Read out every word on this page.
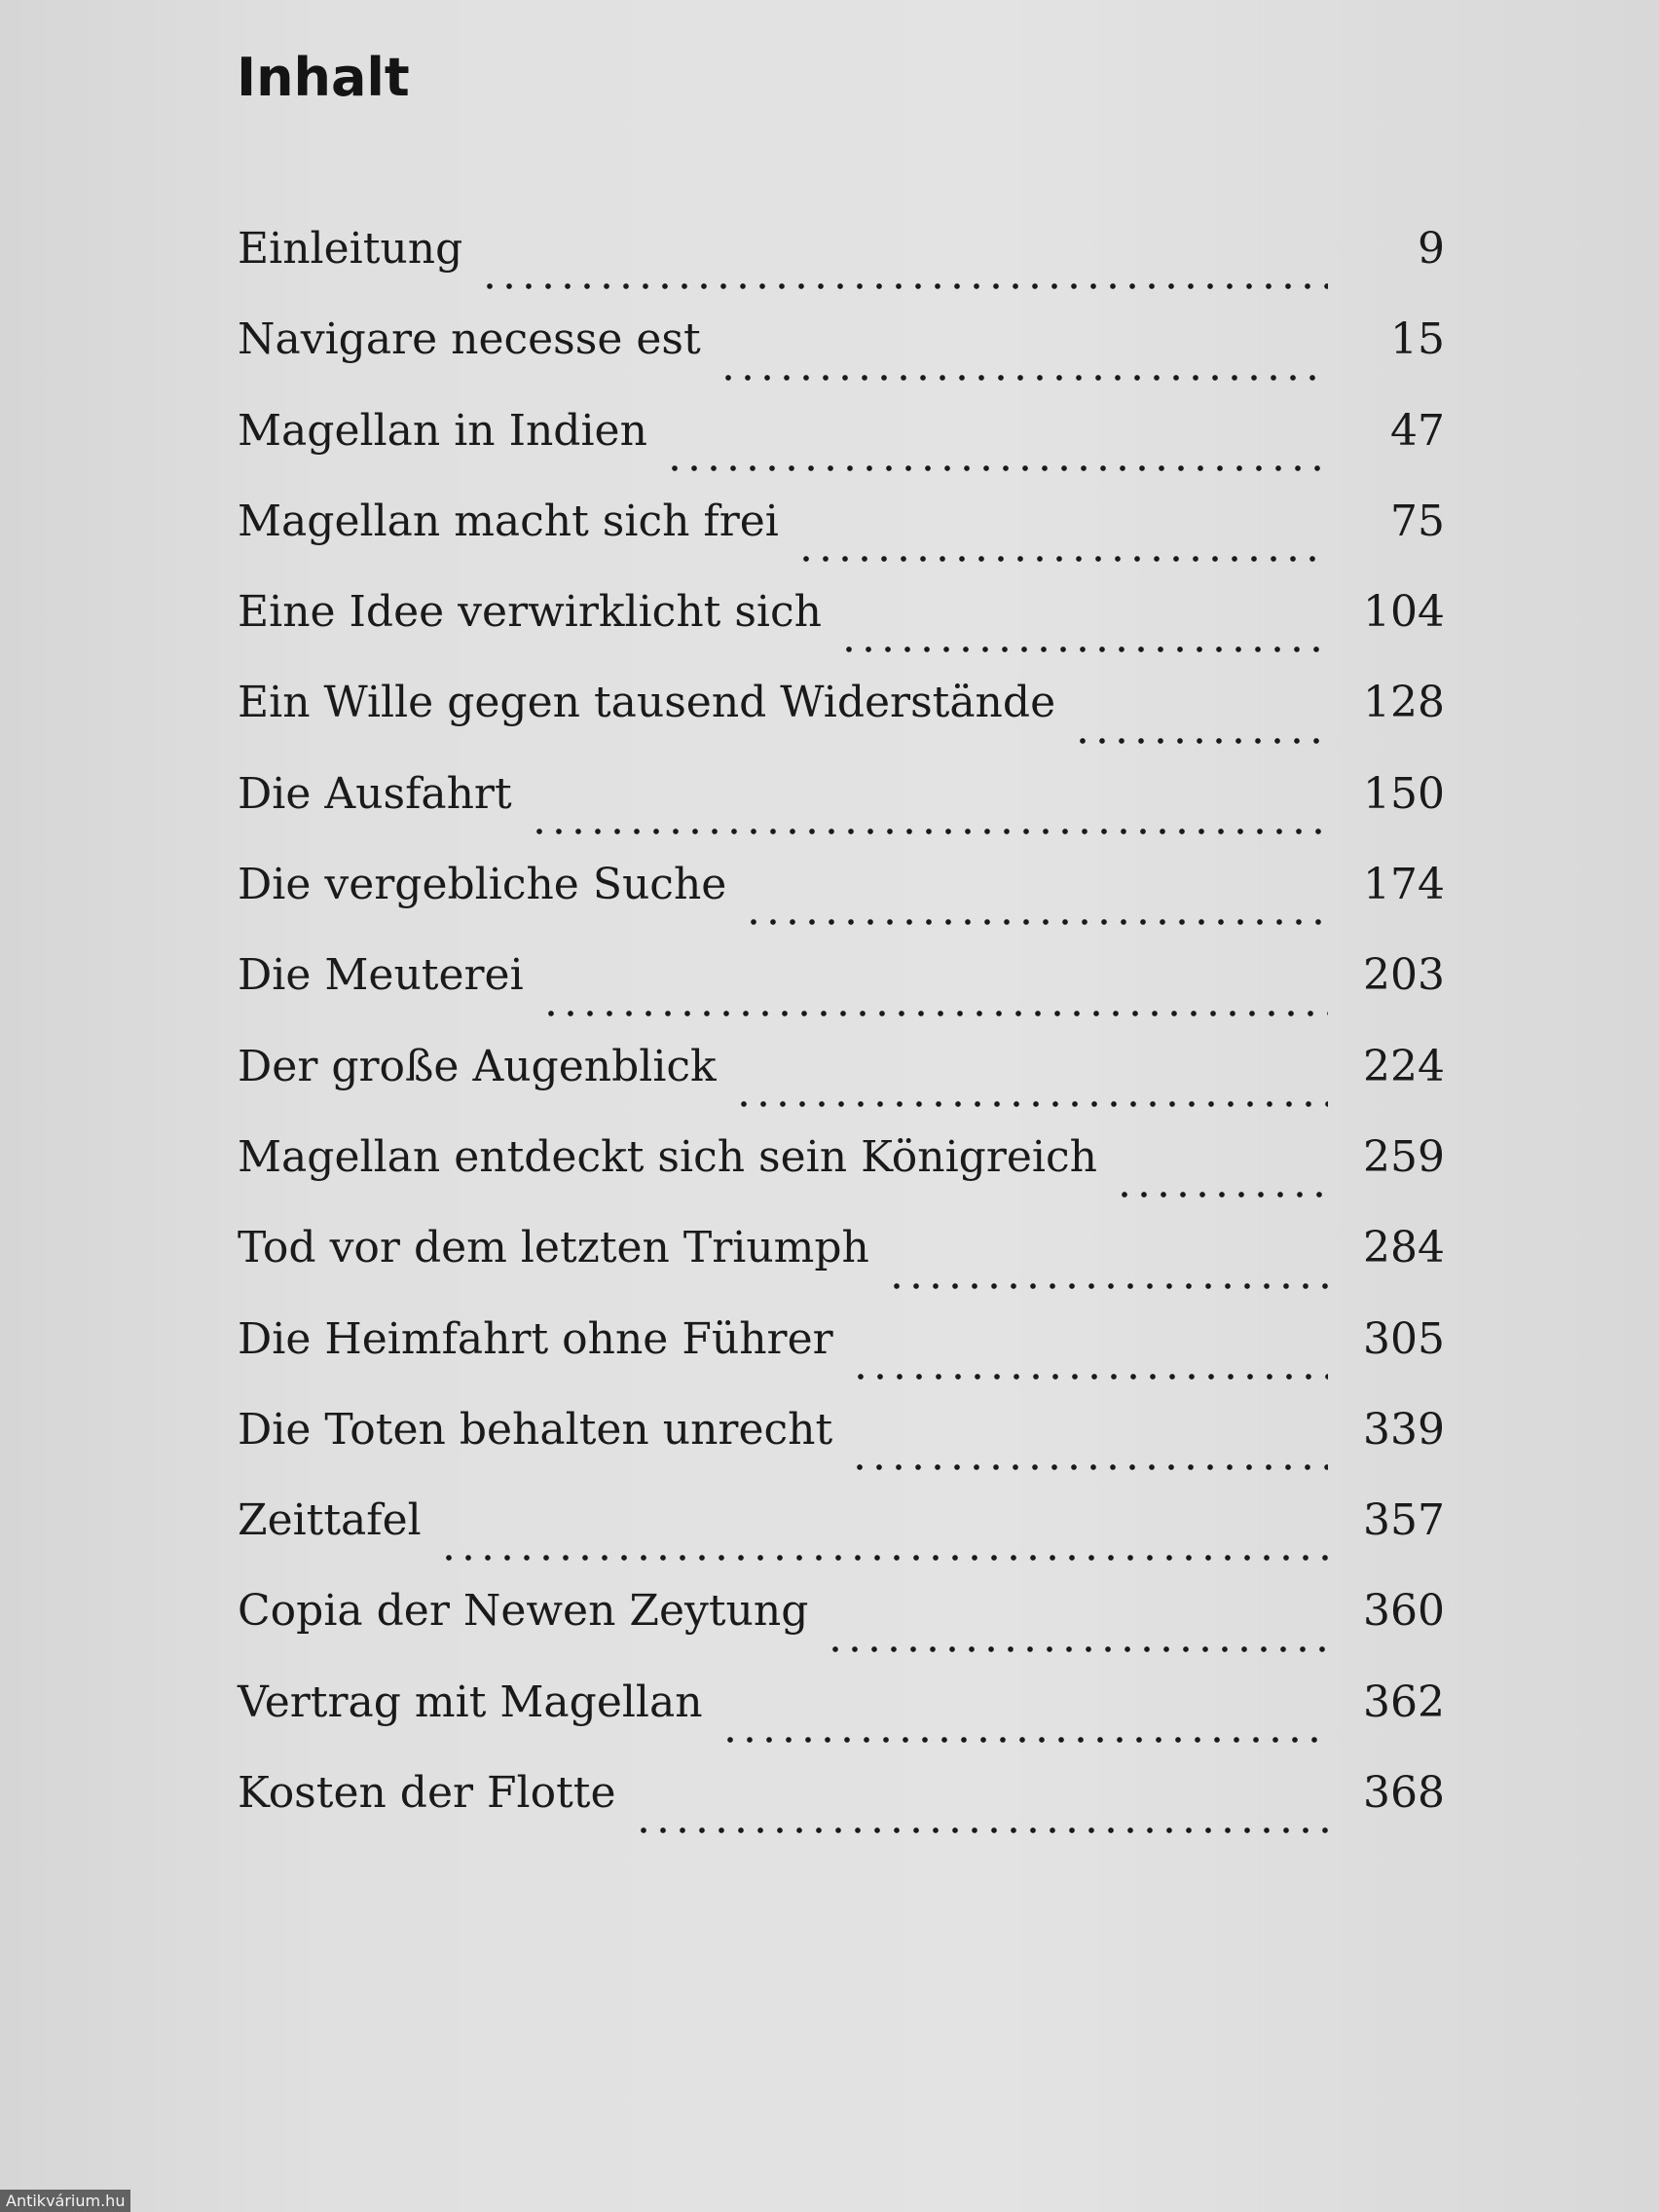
Inhalt
Einleitung	9
Navigare necesse est	15
Magellan in Indien	47
Magellan macht sich frei	75
Eine Idee verwirklicht sich	104
Ein Wille gegen tausend Widerstände	128
Die Ausfahrt	150
Die vergebliche Suche	174
Die Meuterei	203
Der große Augenblick	224
Magellan entdeckt sich sein Königreich	259
Tod vor dem letzten Triumph	284
Die Heimfahrt ohne Führer	305
Die Toten behalten unrecht	339
Zeittafel	357
Copia der Newen Zeytung	360
Vertrag mit Magellan	362
Kosten der Flotte	368
Antikvárium.hu
